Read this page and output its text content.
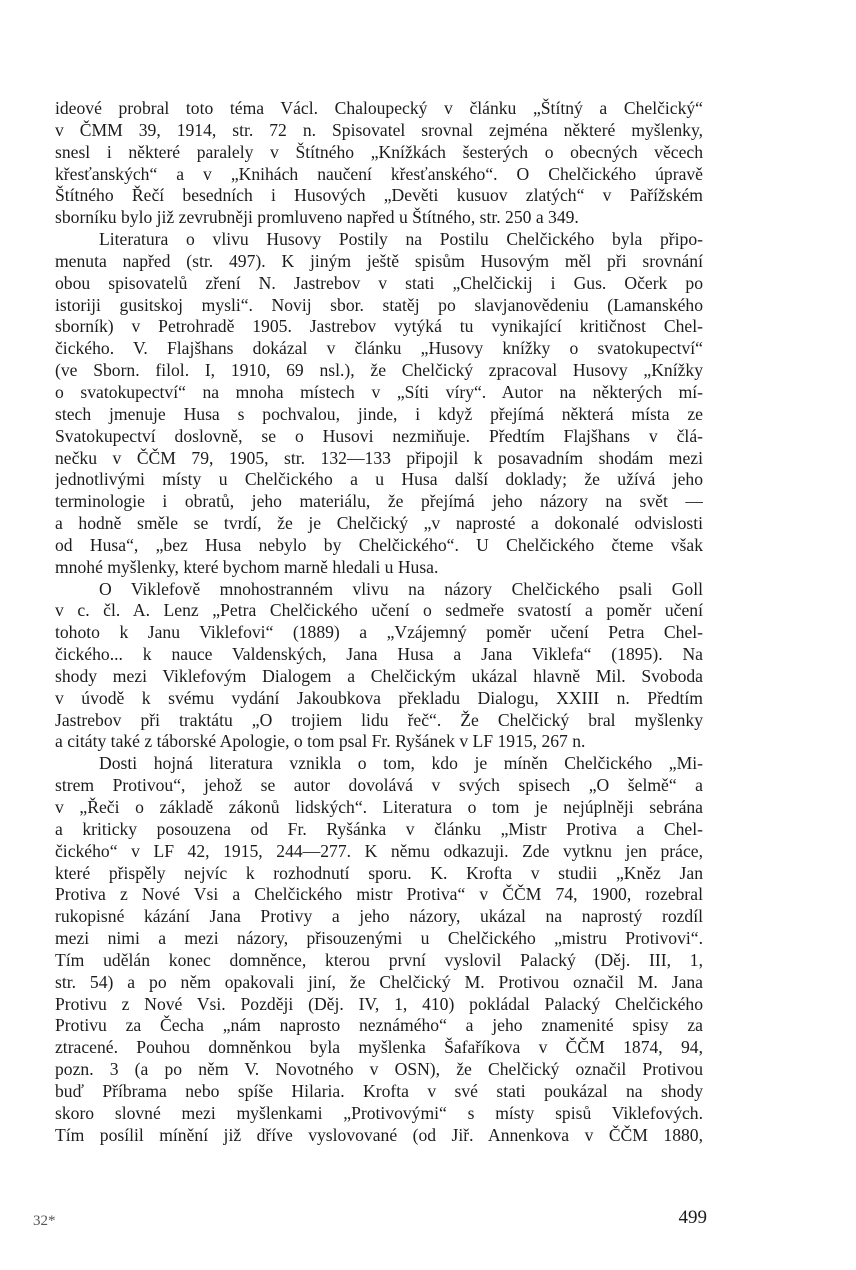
ideové probral toto téma Václ. Chaloupecký v článku „Štítný a Chelčický“
v ČMM 39, 1914, str. 72 n. Spisovatel srovnal zejména některé myšlenky,
snesl i některé paralely v Štítného „Knížkách šesterých o obecných věcech
křesťanských“ a v „Knihách naučení křesťanského“. O Chelčického úpravě
Štítného Řečí besedních i Husových „Devěti kusuov zlatých“ v Pařížském
sborníku bylo již zevrubněji promluveno napřed u Štítného, str. 250 a 349.
Literatura o vlivu Husovy Postily na Postilu Chelčického byla připo-
menuta napřed (str. 497). K jiným ještě spisům Husovým měl při srovnání
obou spisovatelů zření N. Jastrebov v stati „Chelčickij i Gus. Očerk po
istoriji gusitskoj mysli“. Novij sbor. statěj po slavjanovědeniu (Lamanského
sborník) v Petrohradě 1905. Jastrebov vytýká tu vynikající kritičnost Chel-
čického. V. Flajšhans dokázal v článku „Husovy knížky o svatokupectví“
(ve Sborn. filol. I, 1910, 69 nsl.), že Chelčický zpracoval Husovy „Knížky
o svatokupectví“ na mnoha místech v „Síti víry“. Autor na některých mí-
stech jmenuje Husa s pochvalou, jinde, i když přejímá některá místa ze
Svatokupectví doslovně, se o Husovi nezmiňuje. Předtím Flajšhans v člá-
nečku v ČČM 79, 1905, str. 132—133 připojil k posavadním shodám mezi
jednotlivými místy u Chelčického a u Husa další doklady; že užívá jeho
terminologie i obratů, jeho materiálu, že přejímá jeho názory na svět —
a hodně směle se tvrdí, že je Chelčický „v naprosté a dokonalé odvislosti
od Husa“, „bez Husa nebylo by Chelčického“. U Chelčického čteme však
mnohé myšlenky, které bychom marně hledali u Husa.
O Viklefově mnohostranném vlivu na názory Chelčického psali Goll
v c. čl. A. Lenz „Petra Chelčického učení o sedmeře svatostí a poměr učení
tohoto k Janu Viklefovi“ (1889) a „Vzájemný poměr učení Petra Chel-
čického... k nauce Valdenských, Jana Husa a Jana Viklefa“ (1895). Na
shody mezi Viklefovým Dialogem a Chelčickým ukázal hlavně Mil. Svoboda
v úvodě k svému vydání Jakoubkova překladu Dialogu, XXIII n. Předtím
Jastrebov při traktátu „O trojiem lidu řeč“. Že Chelčický bral myšlenky
a citáty také z táborské Apologie, o tom psal Fr. Ryšánek v LF 1915, 267 n.
Dosti hojná literatura vznikla o tom, kdo je míněn Chelčického „Mi-
strem Protivou“, jehož se autor dovolává v svých spisech „O šelmě“ a
v „Řeči o základě zákonů lidských“. Literatura o tom je nejúplněji sebrána
a kriticky posouzena od Fr. Ryšánka v článku „Mistr Protiva a Chel-
čického“ v LF 42, 1915, 244—277. K němu odkazuji. Zde vytknu jen práce,
které přispěly nejvíc k rozhodnutí sporu. K. Krofta v studii „Kněz Jan
Protiva z Nové Vsi a Chelčického mistr Protiva“ v ČČM 74, 1900, rozebral
rukopisné kázání Jana Protivy a jeho názory, ukázal na naprostý rozdíl
mezi nimi a mezi názory, přisouzenými u Chelčického „mistru Protivovi“.
Tím udělán konec domněnce, kterou první vyslovil Palacký (Děj. III, 1,
str. 54) a po něm opakovali jiní, že Chelčický M. Protivou označil M. Jana
Protivu z Nové Vsi. Později (Děj. IV, 1, 410) pokládal Palacký Chelčického
Protivu za Čecha „nám naprosto neznámého“ a jeho znamenité spisy za
ztracené. Pouhou domněnkou byla myšlenka Šafaříkova v ČČM 1874, 94,
pozn. 3 (a po něm V. Novotného v OSN), že Chelčický označil Protivou
buď Příbrama nebo spíše Hilaria. Krofta v své stati poukázal na shody
skoro slovné mezi myšlenkami „Protivovými“ s místy spisů Viklefových.
Tím posílil mínění již dříve vyslovované (od Jiř. Annenkova v ČČM 1880,
32*	499
